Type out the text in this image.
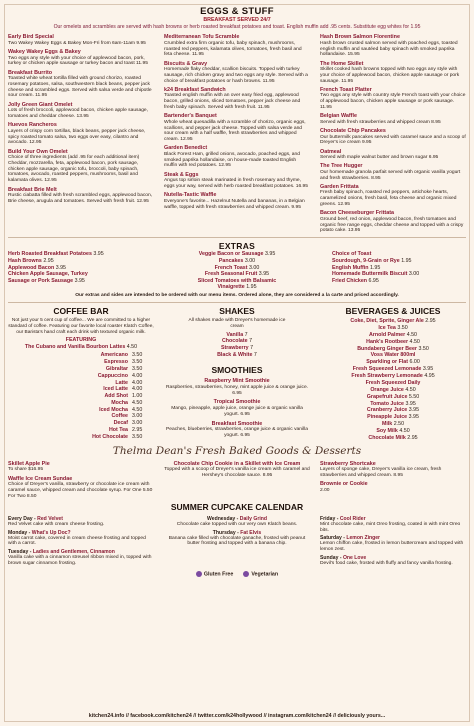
EGGS & STUFF
BREAKFAST SERVED 24/7
Our omelets and scrambles are served with hash browns or herb roasted breakfast potatoes and toast. English muffin add .95 cents. Substitute egg whites for 1.95
Early Bird Special
Two Wakey Wakey Eggs & Bakey Mon-Fri from 6am-11am 9.95
Wakey Wakey Eggs & Bakey
Two eggs any style with your choice of applewood bacon, pork, turkey or chicken apple sausage or turkey bacon and toast 11.95
Breakfast Burrito
Toasted white wheat tortilla filled with ground chorizo, roasted rosemary potatoes, salsa, southwestern black beans, pepper jack cheese and scrambled eggs. Served with salsa verde and chipotle sour cream. 11.95
Jolly Green Giant Omelet
Lots of fresh broccoli, applewood bacon, chicken apple sausage, tomatoes and cheddar cheese. 13.95
Huevos Rancheros
Layers of crispy corn tortillas, black beans, pepper jack cheese, spicy roasted tomato salsa, two eggs over easy, cilantro and avocado. 12.95
Build Your Own Omelet
Choice of three ingredients (add .95 for each additional item) Cheddar, mozzarella, feta, applewood bacon, pork sausage, chicken apple sausage, organic tofu, broccoli, baby spinach, tomatoes, avocado, roasted peppers, mushrooms, basil and kalamata olives. 12.95
Breakfast Brie Melt
Rustic ciabatta filled with fresh scrambled eggs, applewood bacon, Brie cheese, arugula and tomatoes. Served with fresh fruit. 12.95
Mediterranean Tofu Scramble
Crumbled extra firm organic tofu, baby spinach, mushrooms, roasted red peppers, kalamata olives, tomatoes, fresh basil and feta cheese. 11.95
Biscuits & Gravy
Homemade flaky cheddar, scallion biscuits. Topped with turkey sausage, rich chicken gravy and two eggs any style. Served with a choice of breakfast potatoes or hash browns. 11.95
k24 Breakfast Sandwich
Toasted english muffin with an over easy fried egg, applewood bacon, grilled onions, sliced tomatoes, pepper jack cheese and fresh baby spinach. Served with fresh fruit. 11.95
Bartender's Banquet
Whole wheat quesadilla with a scramble of chorizo, organic eggs, scallions, and pepper jack cheese. Topped with salsa verde and sour cream with a half waffle, fresh strawberries and whipped cream. 12.95
Garden Benedict
Black Forest Ham, grilled onions, avocado, poached eggs, and smoked paprika hollandaise, on house-made toasted English muffin with red potatoes. 12.95
Steak & Eggs
Angus top sirloin steak marinated in fresh rosemary and thyme, eggs your way, served with herb roasted breakfast potatoes. 16.95
Nutella-Tastic Waffle
Everyone's favorite... Hazelnut Nutella and bananas, in a Belgian waffle, topped with fresh strawberries and whipped cream. 9.95
Hash Brown Salmon Florentine
Hash brown crusted salmon served with poached eggs, toasted english muffin and sautéed baby spinach with smoked paprika hollandaise. 15.95
The Home Skillet
Skillet cooked hash browns topped with two eggs any style with your choice of applewood bacon, chicken apple sausage or pork sausage. 11.95
French Toast Platter
Two eggs any style with country style French toast with your choice of applewood bacon, chicken apple sausage or pork sausage. 11.95
Belgian Waffle
Served with fresh strawberries and whipped cream 8.95
Chocolate Chip Pancakes
Our buttermilk pancakes served with caramel sauce and a scoop of Dreyer's ice cream 9.95
Oatmeal
Served with maple walnut butter and brown sugar 6.95
The Tree Hugger
Our homemade granola parfait served with organic vanilla yogurt and fresh strawberries. 8.95
Garden Frittata
Fresh baby spinach, roasted red peppers, artichoke hearts, caramelized onions, fresh basil, feta cheese and organic mixed greens. 12.95
Bacon Cheeseburger Frittata
Ground beef, red onion, applewood bacon, fresh tomatoes and organic free range eggs, cheddar cheese and topped with a crispy potato cake. 13.95
EXTRAS
Herb Roasted Breakfast Potatoes 3.95
Hash Browns 2.95
Applewood Bacon 3.95
Chicken Apple Sausage, Turkey
Sausage or Pork Sausage 3.95
Veggie Bacon or Sausage 3.95
Pancakes 3.00
French Toast 3.00
Fresh Seasonal Fruit 3.95
Sliced Tomatoes with Balsamic
Vinaigrette 1.95
Choice of Toast
Sourdough, 9-Grain or Rye 1.95
English Muffin 1.95
Homemade Buttermilk Biscuit 3.00
Fried Chicken 6.95
Our extras and sides are intended to be ordered with our menu items. Ordered alone, they are considered a la carte and priced accordingly.
COFFEE BAR
Not just your 5 cent cup of coffee... We are committed to a higher standard of coffee. Featuring our favorite local roaster Klatch Coffee, our Barista's hand craft each drink with textured organic milk.
FEATURING
The Cubano and Vanilla Bourbon Lattes 4.50
Americano 3.50
Espresso 3.50
Gibraltar 3.50
Cappuccino 4.00
Latte 4.00
Iced Latte 4.00
Add Shot 1.00
Mocha 4.50
Iced Mocha 4.50
Coffee 3.00
Decaf 3.00
Hot Tea 2.95
Hot Chocolate 3.50
SHAKES
All shakes made with Dreyer's homemade ice cream
Vanilla 7
Chocolate 7
Strawberry 7
Black & White 7
SMOOTHIES
Raspberry Mint Smoothie
Raspberries, strawberries, honey, mint apple juice & orange juice. 6.95
Tropical Smoothie
Mango, pineapple, apple juice, orange juice & organic vanilla yogurt. 6.95
Breakfast Smoothie
Peaches, blueberries, strawberries, orange juice & organic vanilla yogurt. 6.95
BEVERAGES & JUICES
Coke, Diet, Sprite, Ginger Ale 2.95
Ice Tea 3.50
Arnold Palmer 4.50
Hank's Rootbeer 4.50
Bundaberg Ginger Beer 3.50
Voss Water 800ml
Sparkling or Flat 6.00
Fresh Squeezed Lemonade 3.95
Fresh Strawberry Lemonade 4.95
Fresh Squeezed Daily
Orange Juice 4.50
Grapefruit Juice 5.50
Tomato Juice 3.95
Cranberry Juice 3.95
Pineapple Juice 3.95
Milk 2.50
Soy Milk 4.50
Chocolate Milk 2.95
Thelma Dean's Fresh Baked Goods & Desserts
Skillet Apple Pie
To share $16.95
Waffle Ice Cream Sundae
Choice of Dreyer's vanilla, strawberry or chocolate ice cream with caramel sauce, whipped cream and chocolate syrup. For One 5.50 For Two 8.50
Chocolate Chip Cookie in a Skillet with Ice Cream
Topped with a scoop of Dreyer's vanilla ice cream with caramel and Hershey's chocolate sauce. 8.95
Strawberry Shortcake
Layers of sponge cake, Dreyer's vanilla ice cream, fresh strawberries and whipped cream. 8.95
Brownie or Cookie
2.00
SUMMER CUPCAKE CALENDAR
Every Day - Red Velvet
Red Velvet cake with cream cheese frosting.
Monday - What's Up Doc?
Moist carrot cake, covered in cream cheese frosting and topped with a carrot.
Tuesday - Ladies and Gentlemen, Cinnamon
Vanilla cake with a cinnamon streusel ribbon mixed in, topped with brown sugar cinnamon frosting.
Wednesday - Daily Grind
Chocolate cake topped with our very own Klatch beans.
Thursday - Fat Elvis
Banana cake filled with chocolate ganache, frosted with peanut butter frosting and topped with a banana chip.
Friday - Cool Rider
Mint chocolate cake, mint Oreo frosting, coated in with mint Oreo bits.
Saturday - Lemon Zinger
Lemon chiffon cake, frosted in lemon buttercream and topped with lemon zest.
Sunday - One Love
Devil's food cake, frosted with fluffy and fancy vanilla frosting.
Gluten Free	Vegetarian
kitchen24.info // facebook.com/kitchen24 // twitter.com/k24hollywood // instagram.com/kitchen24 // deliciously yours...
